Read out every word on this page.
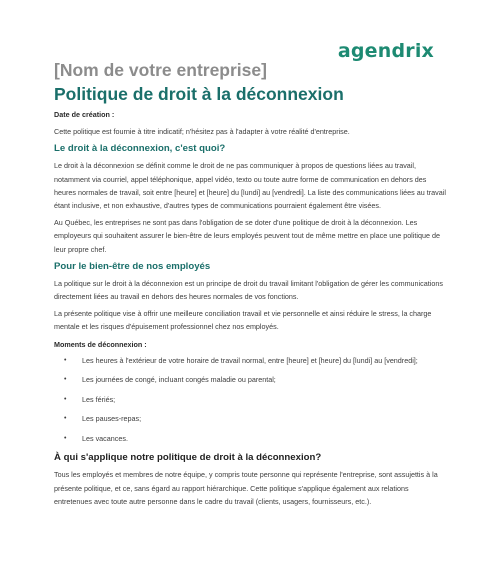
agendrix
[Nom de votre entreprise]
Politique de droit à la déconnexion

Date de création :

Cette politique est fournie à titre indicatif; n'hésitez pas à l'adapter à votre réalité d'entreprise.

Le droit à la déconnexion, c'est quoi?

Le droit à la déconnexion se définit comme le droit de ne pas communiquer à propos de questions liées au travail, notamment via courriel, appel téléphonique, appel vidéo, texto ou toute autre forme de communication en dehors des heures normales de travail, soit entre [heure] et [heure] du [lundi] au [vendredi]. La liste des communications liées au travail étant inclusive, et non exhaustive, d'autres types de communications pourraient également être visées.

Au Québec, les entreprises ne sont pas dans l'obligation de se doter d'une politique de droit à la déconnexion. Les employeurs qui souhaitent assurer le bien-être de leurs employés peuvent tout de même mettre en place une politique de leur propre chef.

Pour le bien-être de nos employés

La politique sur le droit à la déconnexion est un principe de droit du travail limitant l'obligation de gérer les communications directement liées au travail en dehors des heures normales de vos fonctions.

La présente politique vise à offrir une meilleure conciliation travail et vie personnelle et ainsi réduire le stress, la charge mentale et les risques d'épuisement professionnel chez nos employés.

Moments de déconnexion :

• Les heures à l'extérieur de votre horaire de travail normal, entre [heure] et [heure] du [lundi] au [vendredi];
• Les journées de congé, incluant congés maladie ou parental;
• Les fériés;
• Les pauses-repas;
• Les vacances.
À qui s'applique notre politique de droit à la déconnexion?

Tous les employés et membres de notre équipe, y compris toute personne qui représente l'entreprise, sont assujettis à la présente politique, et ce, sans égard au rapport hiérarchique. Cette politique s'applique également aux relations entretenues avec toute autre personne dans le cadre du travail (clients, usagers, fournisseurs, etc.).
